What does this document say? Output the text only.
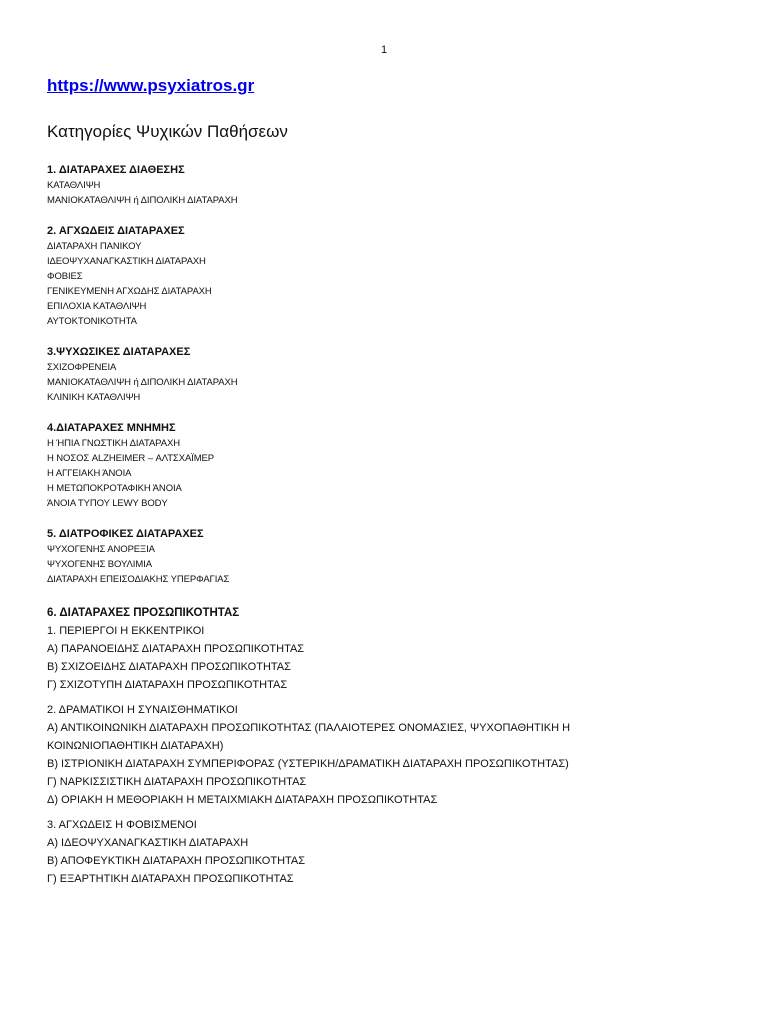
1
https://www.psyxiatros.gr
Κατηγορίες Ψυχικών Παθήσεων
1. ΔΙΑΤΑΡΑΧΕΣ ΔΙΑΘΕΣΗΣ
ΚΑΤΑΘΛΙΨΗ
ΜΑΝΙΟΚΑΤΑΘΛΙΨΗ ή ΔΙΠΟΛΙΚΗ ΔΙΑΤΑΡΑΧΗ
2. ΑΓΧΩΔΕΙΣ ΔΙΑΤΑΡΑΧΕΣ
ΔΙΑΤΑΡΑΧΗ ΠΑΝΙΚΟΥ
ΙΔΕΟΨΥΧΑΝΑΓΚΑΣΤΙΚΗ ΔΙΑΤΑΡΑΧΗ
ΦΟΒΙΕΣ
ΓΕΝΙΚΕΥΜΕΝΗ ΑΓΧΩΔΗΣ ΔΙΑΤΑΡΑΧΗ
ΕΠΙΛΟΧΙΑ ΚΑΤΑΘΛΙΨΗ
ΑΥΤΟΚΤΟΝΙΚΟΤΗΤΑ
3.ΨΥΧΩΣΙΚΕΣ ΔΙΑΤΑΡΑΧΕΣ
ΣΧΙΖΟΦΡΕΝΕΙΑ
ΜΑΝΙΟΚΑΤΑΘΛΙΨΗ ή ΔΙΠΟΛΙΚΗ ΔΙΑΤΑΡΑΧΗ
ΚΛΙΝΙΚΗ ΚΑΤΑΘΛΙΨΗ
4.ΔΙΑΤΑΡΑΧΕΣ ΜΝΗΜΗΣ
Η ΉΠΙΑ ΓΝΩΣΤΙΚΗ ΔΙΑΤΑΡΑΧΗ
Η ΝΟΣΟΣ ALZHEIMER – ΑΛΤΣΧΑΪΜΕΡ
Η ΑΓΓΕΙΑΚΗ ΆΝΟΙΑ
Η ΜΕΤΩΠΟΚΡΟΤΑΦΙΚΗ ΆΝΟΙΑ
ΆΝΟΙΑ ΤΥΠΟΥ LEWY BODY
5. ΔΙΑΤΡΟΦΙΚΕΣ ΔΙΑΤΑΡΑΧΕΣ
ΨΥΧΟΓΕΝΗΣ ΑΝΟΡΕΞΙΑ
ΨΥΧΟΓΕΝΗΣ ΒΟΥΛΙΜΙΑ
ΔΙΑΤΑΡΑΧΗ ΕΠΕΙΣΟΔΙΑΚΗΣ ΥΠΕΡΦΑΓΙΑΣ
6. ΔΙΑΤΑΡΑΧΕΣ ΠΡΟΣΩΠΙΚΟΤΗΤΑΣ
1. ΠΕΡΙΕΡΓΟΙ Η ΕΚΚΕΝΤΡΙΚΟΙ
Α) ΠΑΡΑΝΟΕΙΔΗΣ ΔΙΑΤΑΡΑΧΗ ΠΡΟΣΩΠΙΚΟΤΗΤΑΣ
Β) ΣΧΙΖΟΕΙΔΗΣ ΔΙΑΤΑΡΑΧΗ ΠΡΟΣΩΠΙΚΟΤΗΤΑΣ
Γ) ΣΧΙΖΟΤΥΠΗ ΔΙΑΤΑΡΑΧΗ ΠΡΟΣΩΠΙΚΟΤΗΤΑΣ
2. ΔΡΑΜΑΤΙΚΟΙ Η ΣΥΝΑΙΣΘΗΜΑΤΙΚΟΙ
Α) ΑΝΤΙΚΟΙΝΩΝΙΚΗ ΔΙΑΤΑΡΑΧΗ ΠΡΟΣΩΠΙΚΟΤΗΤΑΣ (ΠΑΛΑΙΟΤΕΡΕΣ ΟΝΟΜΑΣΙΕΣ, ΨΥΧΟΠΑΘΗΤΙΚΗ Η
ΚΟΙΝΩΝΙΟΠΑΘΗΤΙΚΗ ΔΙΑΤΑΡΑΧΗ)
Β) ΙΣΤΡΙΟΝΙΚΗ ΔΙΑΤΑΡΑΧΗ ΣΥΜΠΕΡΙΦΟΡΑΣ (ΥΣΤΕΡΙΚΗ/ΔΡΑΜΑΤΙΚΗ ΔΙΑΤΑΡΑΧΗ ΠΡΟΣΩΠΙΚΟΤΗΤΑΣ)
Γ) ΝΑΡΚΙΣΣΙΣΤΙΚΗ ΔΙΑΤΑΡΑΧΗ ΠΡΟΣΩΠΙΚΟΤΗΤΑΣ
Δ) ΟΡΙΑΚΗ Η ΜΕΘΟΡΙΑΚΗ Η ΜΕΤΑΙΧΜΙΑΚΗ ΔΙΑΤΑΡΑΧΗ ΠΡΟΣΩΠΙΚΟΤΗΤΑΣ
3. ΑΓΧΩΔΕΙΣ Η ΦΟΒΙΣΜΕΝΟΙ
Α) ΙΔΕΟΨΥΧΑΝΑΓΚΑΣΤΙΚΗ ΔΙΑΤΑΡΑΧΗ
Β) ΑΠΟΦΕΥΚΤΙΚΗ ΔΙΑΤΑΡΑΧΗ ΠΡΟΣΩΠΙΚΟΤΗΤΑΣ
Γ) ΕΞΑΡΤΗΤΙΚΗ ΔΙΑΤΑΡΑΧΗ ΠΡΟΣΩΠΙΚΟΤΗΤΑΣ
